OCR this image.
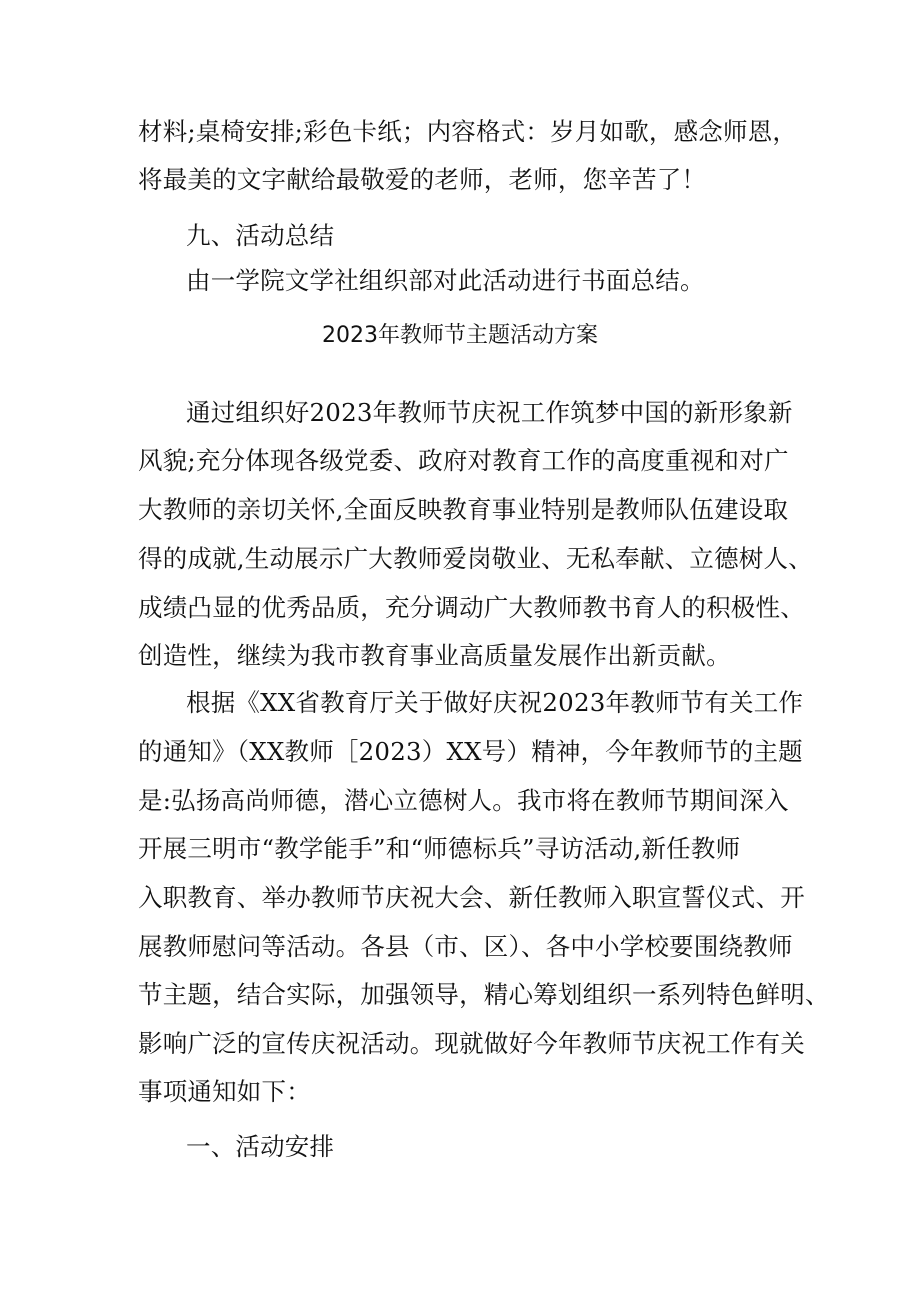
材料;桌椅安排;彩色卡纸；内容格式：岁月如歌，感念师恩，
将最美的文字献给最敬爱的老师，老师，您辛苦了！
九、活动总结
由一学院文学社组织部对此活动进行书面总结。
2023年教师节主题活动方案
通过组织好2023年教师节庆祝工作筑梦中国的新形象新
风貌;充分体现各级党委、政府对教育工作的高度重视和对广
大教师的亲切关怀,全面反映教育事业特别是教师队伍建设取
得的成就,生动展示广大教师爱岗敬业、无私奉献、立德树人、
成绩凸显的优秀品质，充分调动广大教师教书育人的积极性、
创造性，继续为我市教育事业高质量发展作出新贡献。
根据《XX省教育厅关于做好庆祝2023年教师节有关工作
的通知》（XX教师［2023）XX号）精神，今年教师节的主题
是:弘扬高尚师德，潜心立德树人。我市将在教师节期间深入
开展三明市“教学能手”和“师德标兵”寻访活动,新任教师
入职教育、举办教师节庆祝大会、新任教师入职宣誓仪式、开
展教师慰问等活动。各县（市、区）、各中小学校要围绕教师
节主题，结合实际，加强领导，精心筹划组织一系列特色鲜明、
影响广泛的宣传庆祝活动。现就做好今年教师节庆祝工作有关
事项通知如下：
一、活动安排
